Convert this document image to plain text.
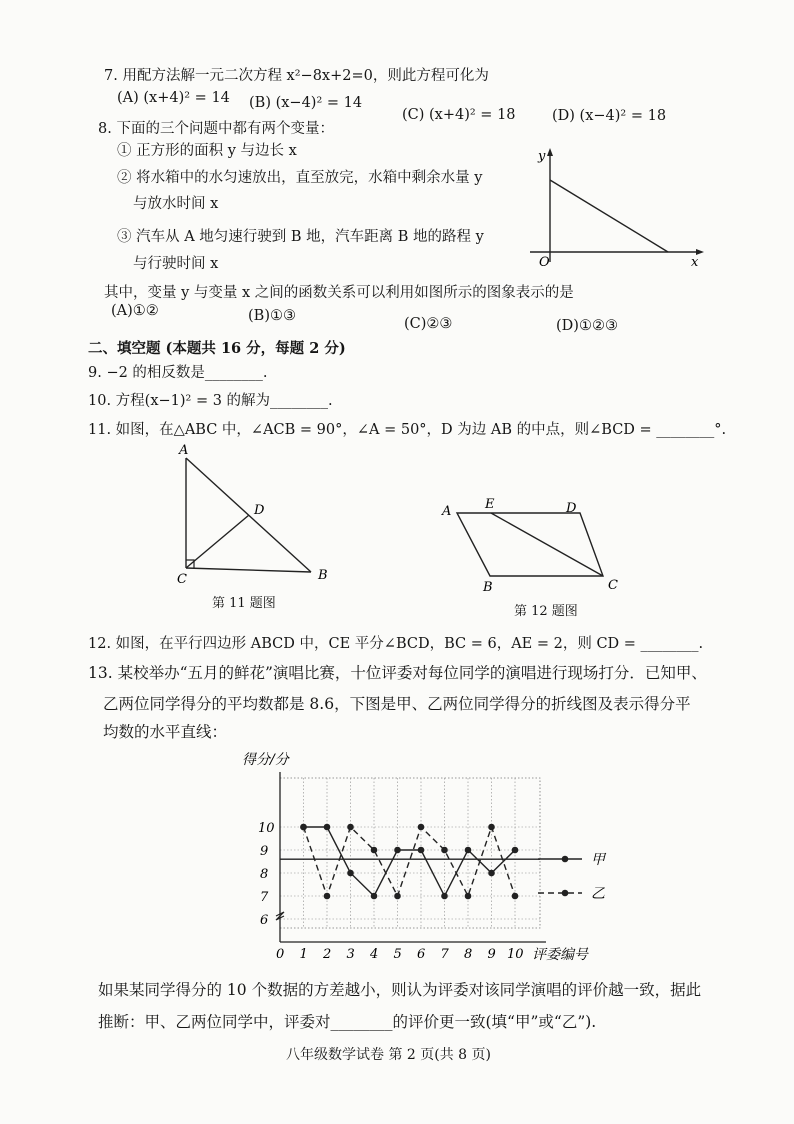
7. 用配方法解一元二次方程 x²−8x+2=0，则此方程可化为
(A) (x+4)² = 14 (B) (x−4)² = 14
(C) (x+4)² = 18	(D) (x−4)² = 18
8. 下面的三个问题中都有两个变量：
① 正方形的面积 y 与边长 x
② 将水箱中的水匀速放出，直至放完，水箱中剩余水量 y
与放水时间 x
③ 汽车从 A 地匀速行驶到 B 地，汽车距离 B 地的路程 y
与行驶时间 x
其中，变量 y 与变量 x 之间的函数关系可以利用如图所示的图象表示的是
(A)①②	(B)①③	(C)②③	(D)①②③
y
x
O
二、填空题 (本题共 16 分，每题 2 分)
9. −2 的相反数是________.
10. 方程(x−1)² = 3 的解为________.
11. 如图，在△ABC 中，∠ACB = 90°，∠A = 50°，D 为边 AB 的中点，则∠BCD = ________°.
A
D
C	B
第 11 题图
A	E	D
B	C
第 12 题图
12. 如图，在平行四边形 ABCD 中，CE 平分∠BCD，BC = 6，AE = 2，则 CD = ________.
13. 某校举办“五月的鲜花”演唱比赛，十位评委对每位同学的演唱进行现场打分．已知甲、
乙两位同学得分的平均数都是 8.6，下图是甲、乙两位同学得分的折线图及表示得分平
均数的水平直线：
得分/分
评委编号
0 1 2 3 4 5 6 7 8 9 10
6
7
8
9
10
甲
乙
如果某同学得分的 10 个数据的方差越小，则认为评委对该同学演唱的评价越一致，据此
推断：甲、乙两位同学中，评委对________的评价更一致(填“甲”或“乙”).
八年级数学试卷 第 2 页(共 8 页)
